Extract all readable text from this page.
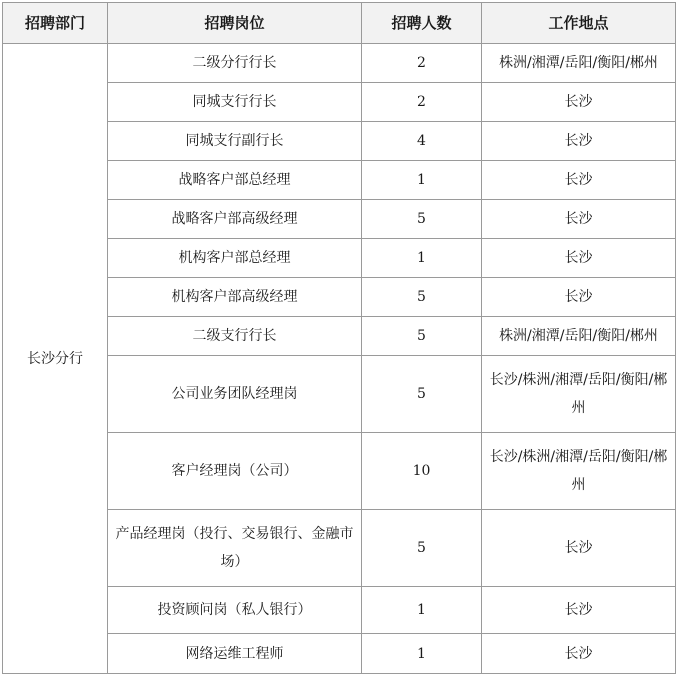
招聘部门	招聘岗位	招聘人数	工作地点
长沙分行	二级分行行长	2	株洲/湘潭/岳阳/衡阳/郴州
	同城支行行长	2	长沙
	同城支行副行长	4	长沙
	战略客户部总经理	1	长沙
	战略客户部高级经理	5	长沙
	机构客户部总经理	1	长沙
	机构客户部高级经理	5	长沙
	二级支行行长	5	株洲/湘潭/岳阳/衡阳/郴州
	公司业务团队经理岗	5	长沙/株洲/湘潭/岳阳/衡阳/郴州
	客户经理岗（公司）	10	长沙/株洲/湘潭/岳阳/衡阳/郴州
	产品经理岗（投行、交易银行、金融市场）	5	长沙
	投资顾问岗（私人银行）	1	长沙
	网络运维工程师	1	长沙
